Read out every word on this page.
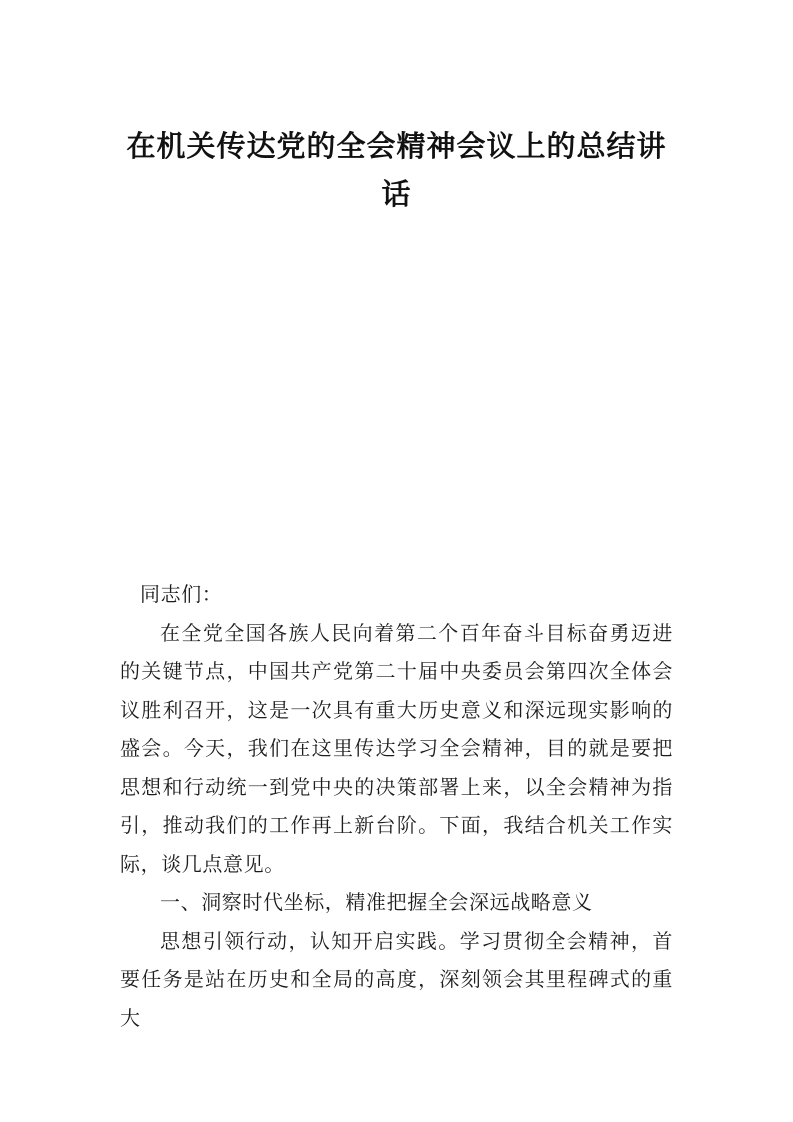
在机关传达党的全会精神会议上的总结讲话

同志们：

在全党全国各族人民向着第二个百年奋斗目标奋勇迈进的关键节点，中国共产党第二十届中央委员会第四次全体会议胜利召开，这是一次具有重大历史意义和深远现实影响的盛会。今天，我们在这里传达学习全会精神，目的就是要把思想和行动统一到党中央的决策部署上来，以全会精神为指引，推动我们的工作再上新台阶。下面，我结合机关工作实际，谈几点意见。

一、洞察时代坐标，精准把握全会深远战略意义

思想引领行动，认知开启实践。学习贯彻全会精神，首要任务是站在历史和全局的高度，深刻领会其里程碑式的重大
